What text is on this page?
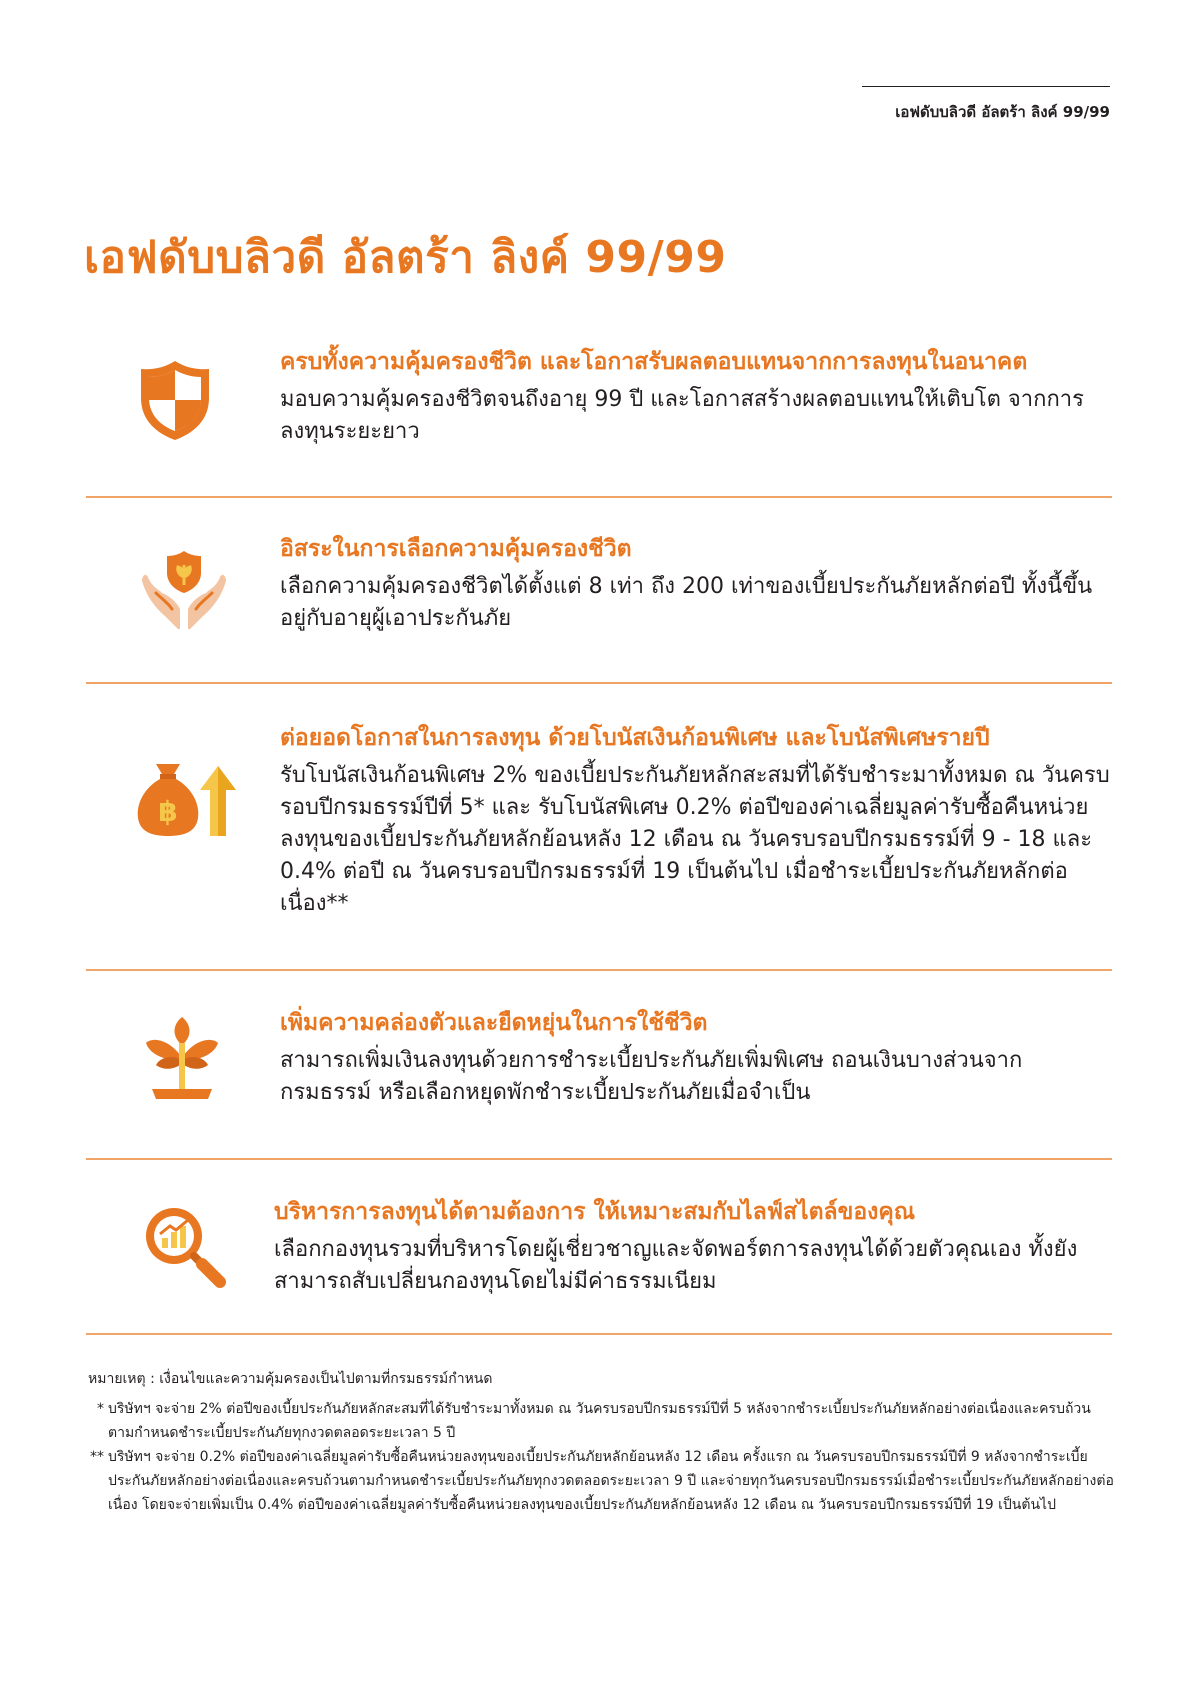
เอฟดับบลิวดี อัลตร้า ลิงค์ 99/99
เอฟดับบลิวดี อัลตร้า ลิงค์ 99/99
ครบทั้งความคุ้มครองชีวิต และโอกาสรับผลตอบแทนจากการลงทุนในอนาคต

มอบความคุ้มครองชีวิตจนถึงอายุ 99 ปี และโอกาสสร้างผลตอบแทนให้เติบโต จากการลงทุนระยะยาว

อิสระในการเลือกความคุ้มครองชีวิต

เลือกความคุ้มครองชีวิตได้ตั้งแต่ 8 เท่า ถึง 200 เท่าของเบี้ยประกันภัยหลักต่อปี ทั้งนี้ขึ้นอยู่กับอายุผู้เอาประกันภัย

฿
ต่อยอดโอกาสในการลงทุน ด้วยโบนัสเงินก้อนพิเศษ และโบนัสพิเศษรายปี

รับโบนัสเงินก้อนพิเศษ 2% ของเบี้ยประกันภัยหลักสะสมที่ได้รับชำระมาทั้งหมด ณ วันครบรอบปีกรมธรรม์ปีที่ 5* และ รับโบนัสพิเศษ 0.2% ต่อปีของค่าเฉลี่ยมูลค่ารับซื้อคืนหน่วยลงทุนของเบี้ยประกันภัยหลักย้อนหลัง 12 เดือน ณ วันครบรอบปีกรมธรรม์ที่ 9 - 18 และ 0.4% ต่อปี ณ วันครบรอบปีกรมธรรม์ที่ 19 เป็นต้นไป เมื่อชำระเบี้ยประกันภัยหลักต่อเนื่อง**

เพิ่มความคล่องตัวและยืดหยุ่นในการใช้ชีวิต

สามารถเพิ่มเงินลงทุนด้วยการชำระเบี้ยประกันภัยเพิ่มพิเศษ ถอนเงินบางส่วนจากกรมธรรม์ หรือเลือกหยุดพักชำระเบี้ยประกันภัยเมื่อจำเป็น

บริหารการลงทุนได้ตามต้องการ ให้เหมาะสมกับไลฟ์สไตล์ของคุณ

เลือกกองทุนรวมที่บริหารโดยผู้เชี่ยวชาญและจัดพอร์ตการลงทุนได้ด้วยตัวคุณเอง ทั้งยังสามารถสับเปลี่ยนกองทุนโดยไม่มีค่าธรรมเนียม

หมายเหตุ : เงื่อนไขและความคุ้มครองเป็นไปตามที่กรมธรรม์กำหนด
* บริษัทฯ จะจ่าย 2% ต่อปีของเบี้ยประกันภัยหลักสะสมที่ได้รับชำระมาทั้งหมด ณ วันครบรอบปีกรมธรรม์ปีที่ 5 หลังจากชำระเบี้ยประกันภัยหลักอย่างต่อเนื่องและครบถ้วนตามกำหนดชำระเบี้ยประกันภัยทุกงวดตลอดระยะเวลา 5 ปี
** บริษัทฯ จะจ่าย 0.2% ต่อปีของค่าเฉลี่ยมูลค่ารับซื้อคืนหน่วยลงทุนของเบี้ยประกันภัยหลักย้อนหลัง 12 เดือน ครั้งแรก ณ วันครบรอบปีกรมธรรม์ปีที่ 9 หลังจากชำระเบี้ยประกันภัยหลักอย่างต่อเนื่องและครบถ้วนตามกำหนดชำระเบี้ยประกันภัยทุกงวดตลอดระยะเวลา 9 ปี และจ่ายทุกวันครบรอบปีกรมธรรม์เมื่อชำระเบี้ยประกันภัยหลักอย่างต่อเนื่อง โดยจะจ่ายเพิ่มเป็น 0.4% ต่อปีของค่าเฉลี่ยมูลค่ารับซื้อคืนหน่วยลงทุนของเบี้ยประกันภัยหลักย้อนหลัง 12 เดือน ณ วันครบรอบปีกรมธรรม์ปีที่ 19 เป็นต้นไป
